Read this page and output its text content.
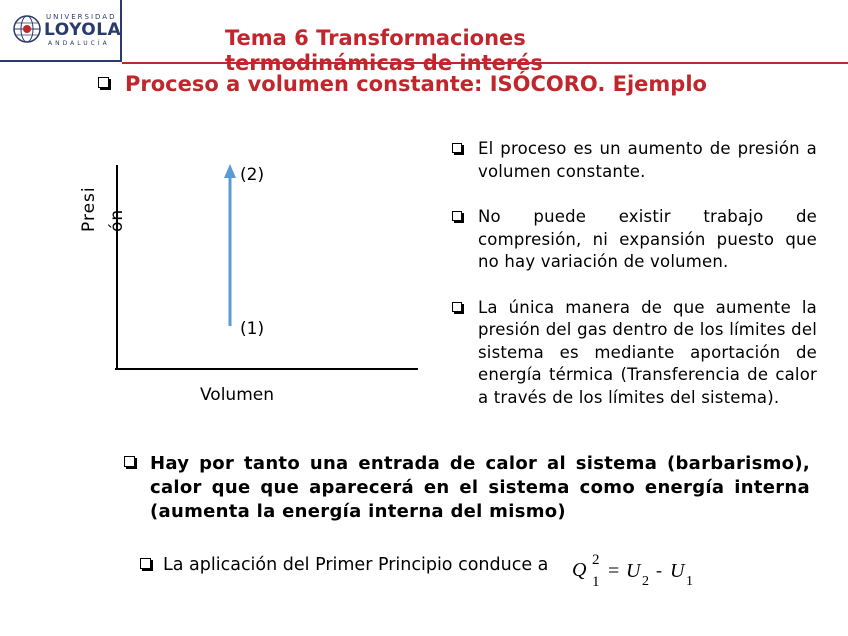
UNIVERSIDAD
LOYOLA
ANDALUCÍA	Tema 6 Transformaciones termodinámicas de interés
Proceso a volumen constante: ISÓCORO. Ejemplo
(2)
(1)
Volumen
Presi ón
El proceso es un aumento de presión a volumen constante.
No puede existir trabajo de compresión, ni expansión puesto que no hay variación de volumen.
La única manera de que aumente la presión del gas dentro de los límites del sistema es mediante aportación de energía térmica (Transferencia de calor a través de los límites del sistema).
Hay por tanto una entrada de calor al sistema (barbarismo), calor que que aparecerá en el sistema como energía interna (aumenta la energía interna del mismo)
La aplicación del Primer Principio conduce a Q 2
1 = U 2
- U 1
